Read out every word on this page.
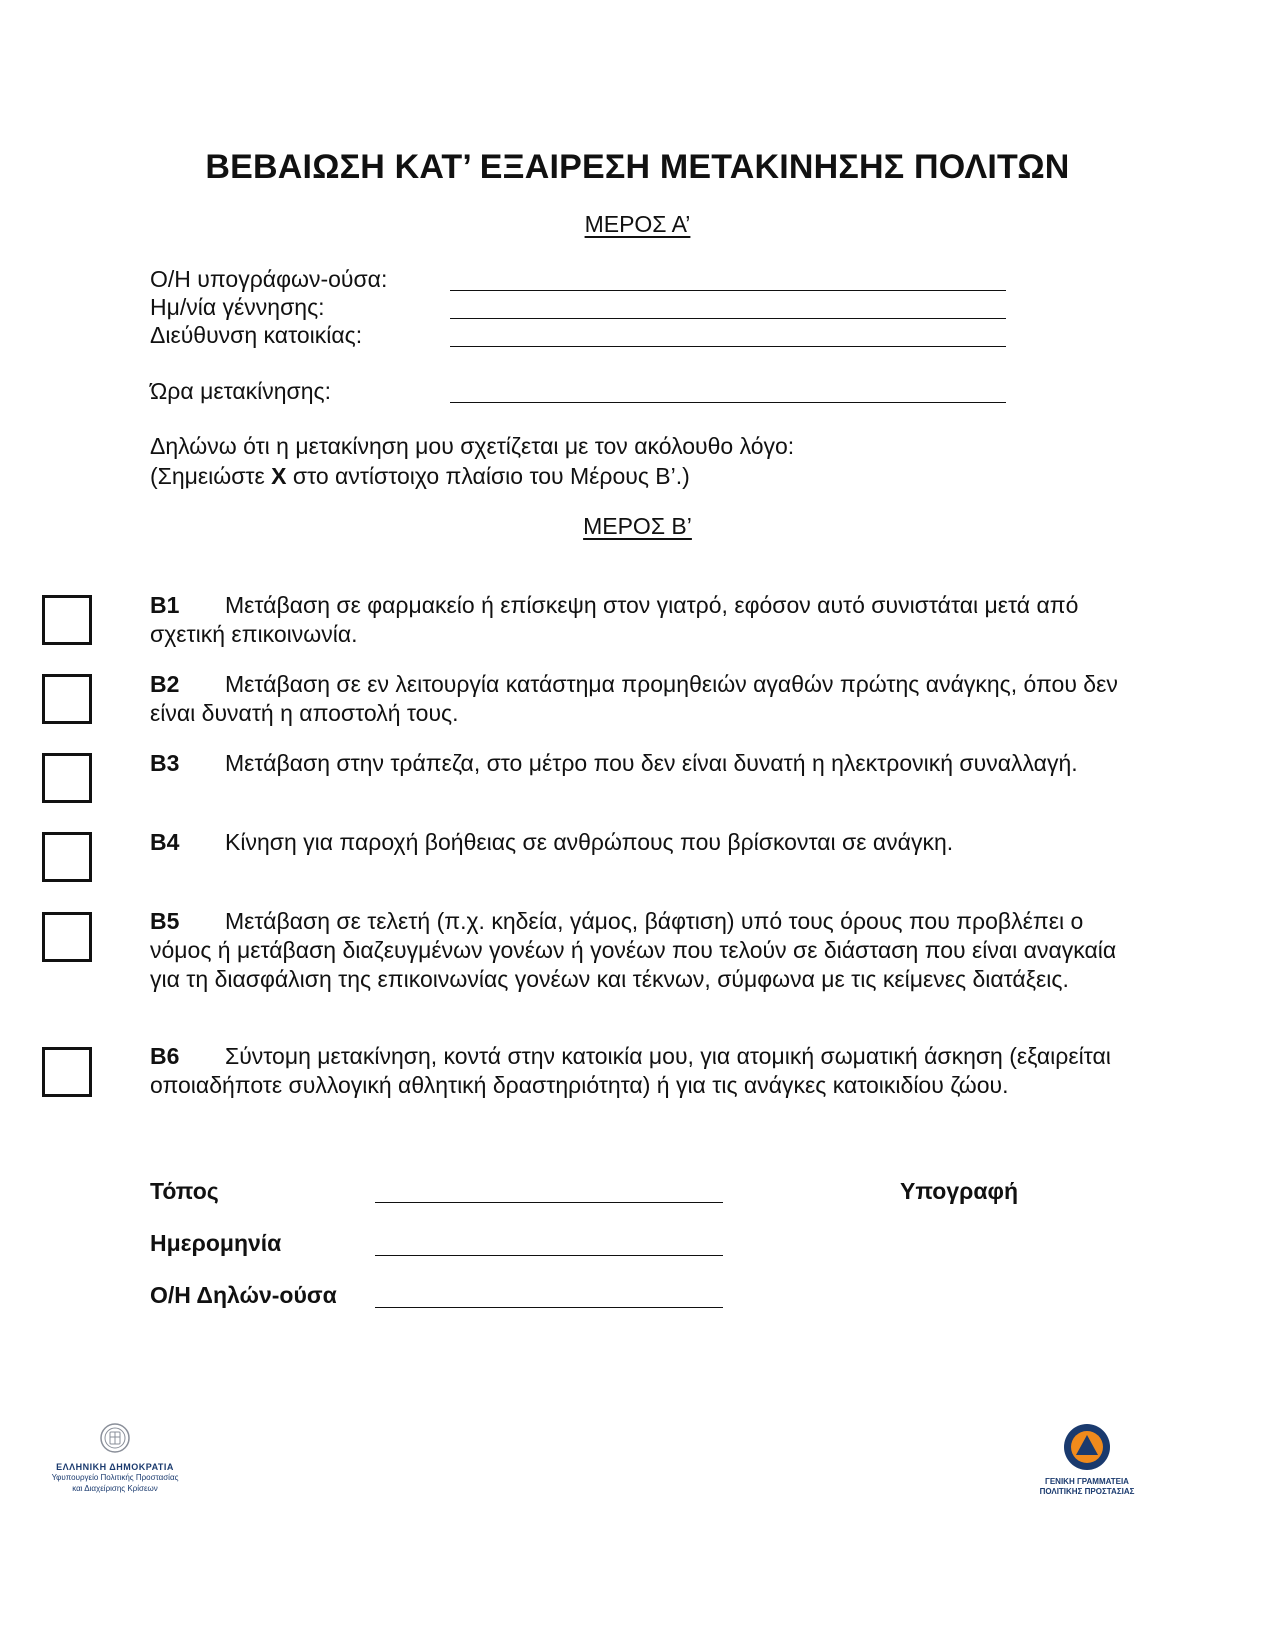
ΒΕΒΑΙΩΣΗ ΚΑΤ’ ΕΞΑΙΡΕΣΗ ΜΕΤΑΚΙΝΗΣΗΣ ΠΟΛΙΤΩΝ
ΜΕΡΟΣ Α’
Ο/Η υπογράφων-ούσα:
Ημ/νία γέννησης:
Διεύθυνση κατοικίας:
Ώρα μετακίνησης:
Δηλώνω ότι η μετακίνηση μου σχετίζεται με τον ακόλουθο λόγο:
(Σημειώστε Χ στο αντίστοιχο πλαίσιο του Μέρους Β’.)
ΜΕΡΟΣ Β’
Β1 Μετάβαση σε φαρμακείο ή επίσκεψη στον γιατρό, εφόσον αυτό συνιστάται μετά από σχετική επικοινωνία.
Β2 Μετάβαση σε εν λειτουργία κατάστημα προμηθειών αγαθών πρώτης ανάγκης, όπου δεν είναι δυνατή η αποστολή τους.
Β3 Μετάβαση στην τράπεζα, στο μέτρο που δεν είναι δυνατή η ηλεκτρονική συναλλαγή.
Β4 Κίνηση για παροχή βοήθειας σε ανθρώπους που βρίσκονται σε ανάγκη.
Β5 Μετάβαση σε τελετή (π.χ. κηδεία, γάμος, βάφτιση) υπό τους όρους που προβλέπει ο νόμος ή μετάβαση διαζευγμένων γονέων ή γονέων που τελούν σε διάσταση που είναι αναγκαία για τη διασφάλιση της επικοινωνίας γονέων και τέκνων, σύμφωνα με τις κείμενες διατάξεις.
Β6 Σύντομη μετακίνηση, κοντά στην κατοικία μου, για ατομική σωματική άσκηση (εξαιρείται οποιαδήποτε συλλογική αθλητική δραστηριότητα) ή για τις ανάγκες κατοικιδίου ζώου.
Τόπος	Υπογραφή
Ημερομηνία
Ο/Η Δηλών-ούσα
ΕΛΛΗΝΙΚΗ ΔΗΜΟΚΡΑΤΙΑ
Υφυπουργείο Πολιτικής Προστασίας
και Διαχείρισης Κρίσεων
ΓΕΝΙΚΗ ΓΡΑΜΜΑΤΕΙΑ
ΠΟΛΙΤΙΚΗΣ ΠΡΟΣΤΑΣΙΑΣ
